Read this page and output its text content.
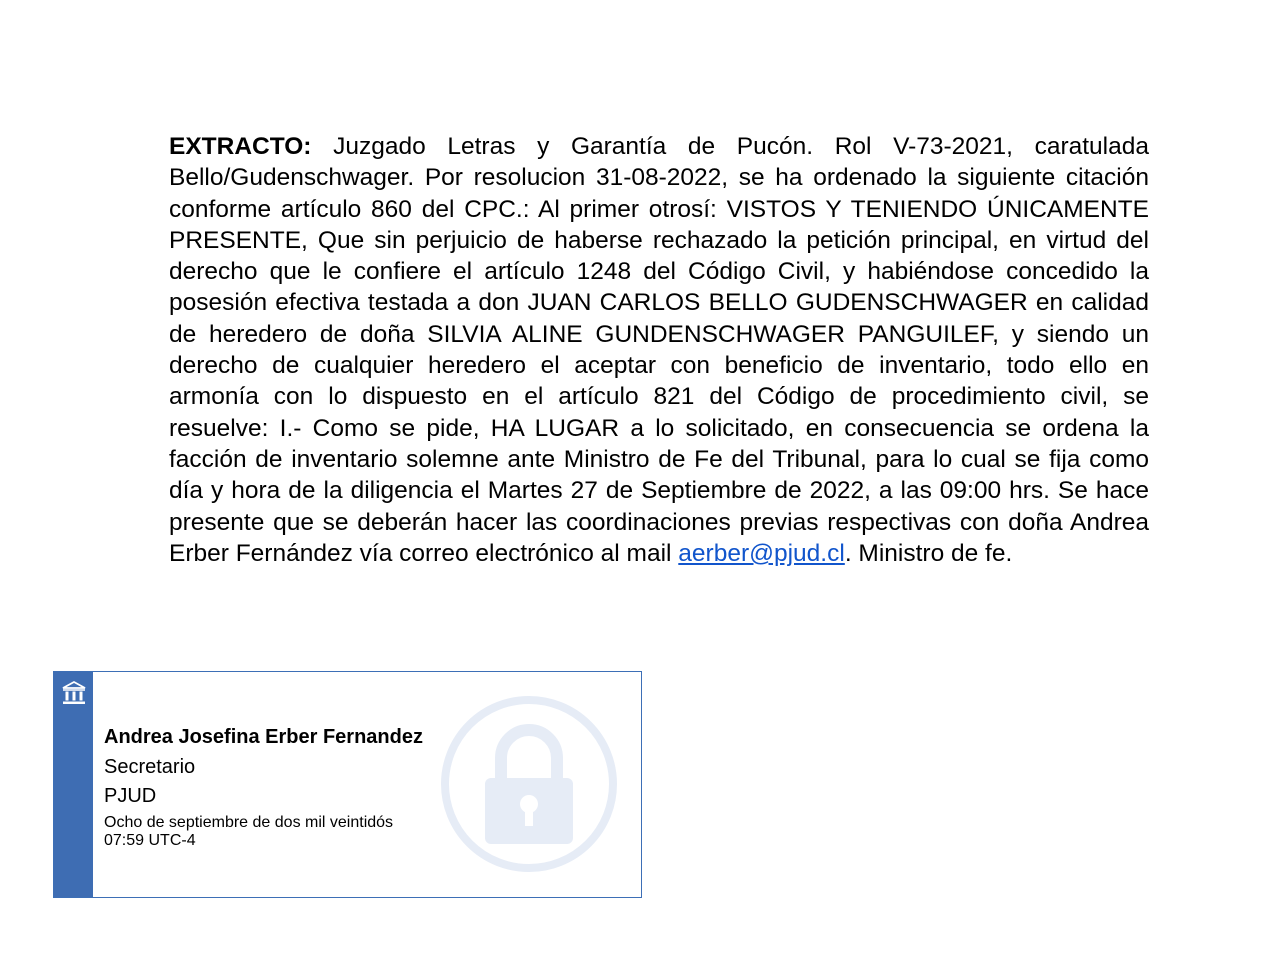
EXTRACTO: Juzgado Letras y Garantía de Pucón. Rol V-73-2021, caratulada Bello/Gudenschwager. Por resolucion 31-08-2022, se ha ordenado la siguiente citación conforme artículo 860 del CPC.: Al primer otrosí: VISTOS Y TENIENDO ÚNICAMENTE PRESENTE, Que sin perjuicio de haberse rechazado la petición principal, en virtud del derecho que le confiere el artículo 1248 del Código Civil, y habiéndose concedido la posesión efectiva testada a don JUAN CARLOS BELLO GUDENSCHWAGER en calidad de heredero de doña SILVIA ALINE GUNDENSCHWAGER PANGUILEF, y siendo un derecho de cualquier heredero el aceptar con beneficio de inventario, todo ello en armonía con lo dispuesto en el artículo 821 del Código de procedimiento civil, se resuelve: I.- Como se pide, HA LUGAR a lo solicitado, en consecuencia se ordena la facción de inventario solemne ante Ministro de Fe del Tribunal, para lo cual se fija como día y hora de la diligencia el Martes 27 de Septiembre de 2022, a las 09:00 hrs. Se hace presente que se deberán hacer las coordinaciones previas respectivas con doña Andrea Erber Fernández vía correo electrónico al mail aerber@pjud.cl. Ministro de fe.

Andrea Josefina Erber Fernandez
Secretario
PJUD
Ocho de septiembre de dos mil veintidós
07:59 UTC-4
